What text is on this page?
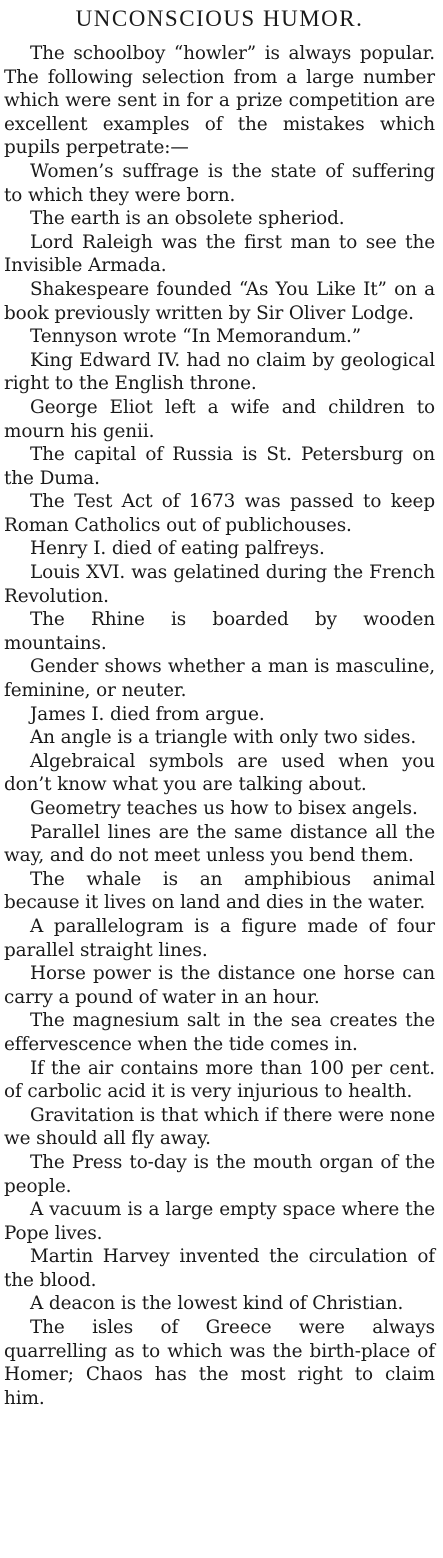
UNCONSCIOUS HUMOR.

The schoolboy “howler” is always popular. The following selection from a large number which were sent in for a prize competition are excellent examples of the mistakes which pupils perpetrate:—

Women’s suffrage is the state of suffering to which they were born.

The earth is an obsolete spheriod.

Lord Raleigh was the first man to see the Invisible Armada.

Shakespeare founded “As You Like It” on a book previously written by Sir Oliver Lodge.

Tennyson wrote “In Memorandum.”

King Edward IV. had no claim by geological right to the English throne.

George Eliot left a wife and children to mourn his genii.

The capital of Russia is St. Petersburg on the Duma.

The Test Act of 1673 was passed to keep Roman Catholics out of publichouses.

Henry I. died of eating palfreys.

Louis XVI. was gelatined during the French Revolution.

The Rhine is boarded by wooden mountains.

Gender shows whether a man is masculine, feminine, or neuter.

James I. died from argue.

An angle is a triangle with only two sides.

Algebraical symbols are used when you don’t know what you are talking about.

Geometry teaches us how to bisex angels.

Parallel lines are the same distance all the way, and do not meet unless you bend them.

The whale is an amphibious animal because it lives on land and dies in the water.

A parallelogram is a figure made of four parallel straight lines.

Horse power is the distance one horse can carry a pound of water in an hour.

The magnesium salt in the sea creates the effervescence when the tide comes in.

If the air contains more than 100 per cent. of carbolic acid it is very injurious to health.

Gravitation is that which if there were none we should all fly away.

The Press to-day is the mouth organ of the people.

A vacuum is a large empty space where the Pope lives.

Martin Harvey invented the circulation of the blood.

A deacon is the lowest kind of Christian.

The isles of Greece were always quarrelling as to which was the birth-place of Homer; Chaos has the most right to claim him.
